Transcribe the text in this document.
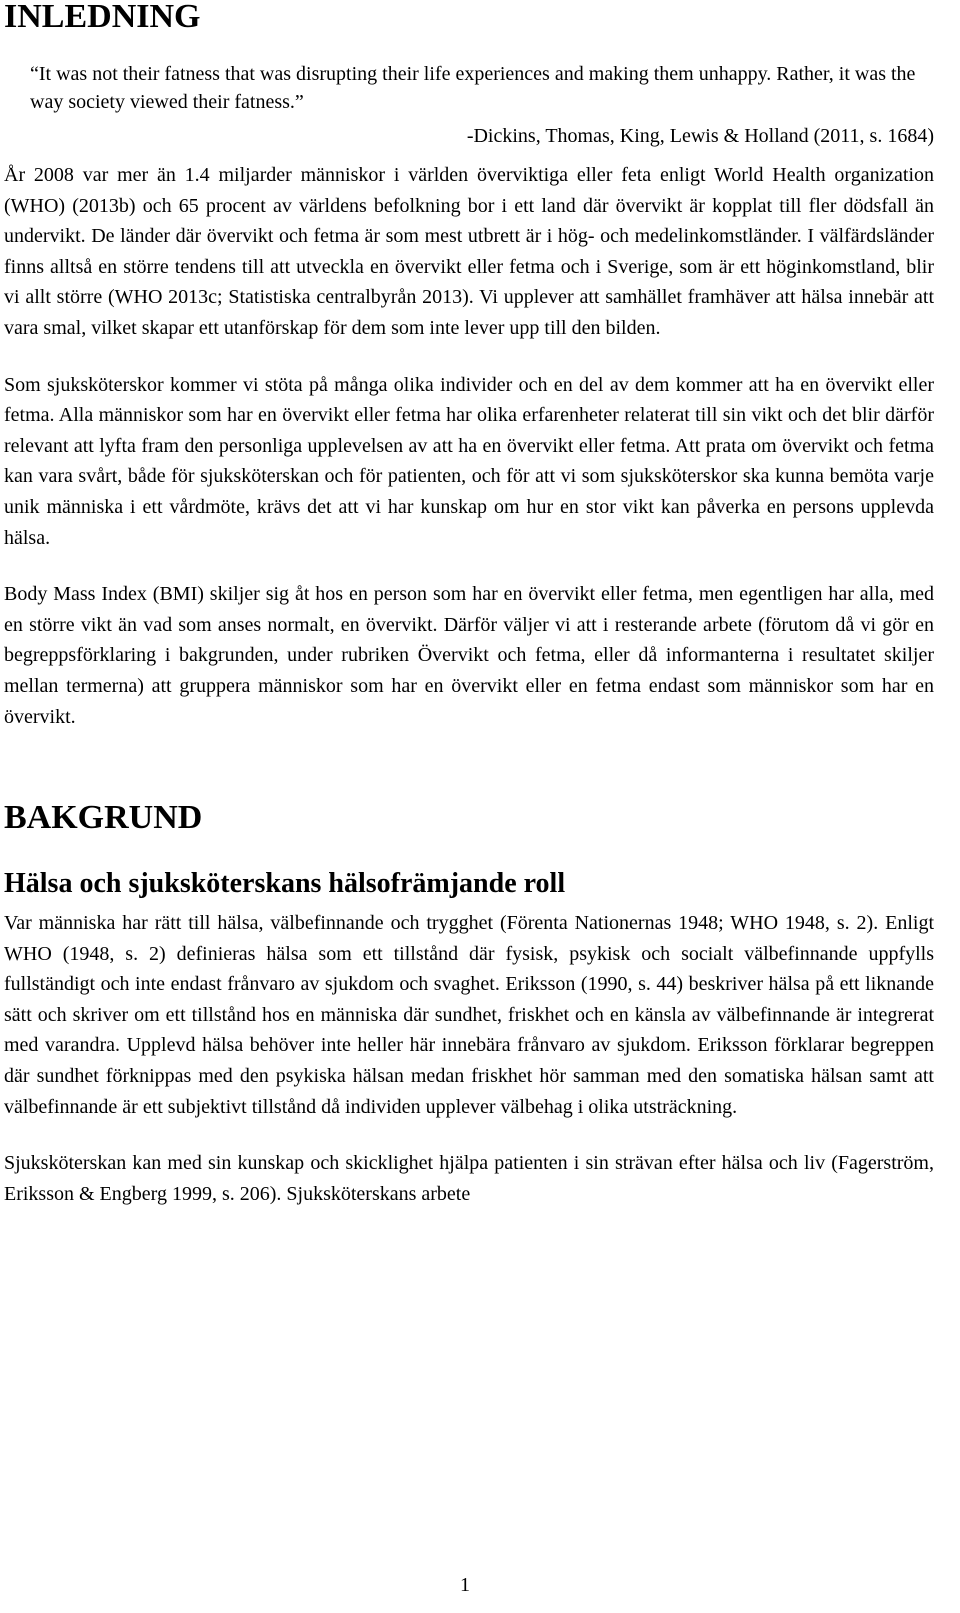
INLEDNING
“It was not their fatness that was disrupting their life experiences and making them unhappy. Rather, it was the way society viewed their fatness.”
-Dickins, Thomas, King, Lewis & Holland (2011, s. 1684)

År 2008 var mer än 1.4 miljarder människor i världen överviktiga eller feta enligt World Health organization (WHO) (2013b) och 65 procent av världens befolkning bor i ett land där övervikt är kopplat till fler dödsfall än undervikt. De länder där övervikt och fetma är som mest utbrett är i hög- och medelinkomstländer. I välfärdsländer finns alltså en större tendens till att utveckla en övervikt eller fetma och i Sverige, som är ett höginkomstland, blir vi allt större (WHO 2013c; Statistiska centralbyrån 2013). Vi upplever att samhället framhäver att hälsa innebär att vara smal, vilket skapar ett utanförskap för dem som inte lever upp till den bilden.

Som sjuksköterskor kommer vi stöta på många olika individer och en del av dem kommer att ha en övervikt eller fetma. Alla människor som har en övervikt eller fetma har olika erfarenheter relaterat till sin vikt och det blir därför relevant att lyfta fram den personliga upplevelsen av att ha en övervikt eller fetma. Att prata om övervikt och fetma kan vara svårt, både för sjuksköterskan och för patienten, och för att vi som sjuksköterskor ska kunna bemöta varje unik människa i ett vårdmöte, krävs det att vi har kunskap om hur en stor vikt kan påverka en persons upplevda hälsa.

Body Mass Index (BMI) skiljer sig åt hos en person som har en övervikt eller fetma, men egentligen har alla, med en större vikt än vad som anses normalt, en övervikt. Därför väljer vi att i resterande arbete (förutom då vi gör en begreppsförklaring i bakgrunden, under rubriken Övervikt och fetma, eller då informanterna i resultatet skiljer mellan termerna) att gruppera människor som har en övervikt eller en fetma endast som människor som har en övervikt.

BAKGRUND
Hälsa och sjuksköterskans hälsofrämjande roll

Var människa har rätt till hälsa, välbefinnande och trygghet (Förenta Nationernas 1948; WHO 1948, s. 2). Enligt WHO (1948, s. 2) definieras hälsa som ett tillstånd där fysisk, psykisk och socialt välbefinnande uppfylls fullständigt och inte endast frånvaro av sjukdom och svaghet. Eriksson (1990, s. 44) beskriver hälsa på ett liknande sätt och skriver om ett tillstånd hos en människa där sundhet, friskhet och en känsla av välbefinnande är integrerat med varandra. Upplevd hälsa behöver inte heller här innebära frånvaro av sjukdom. Eriksson förklarar begreppen där sundhet förknippas med den psykiska hälsan medan friskhet hör samman med den somatiska hälsan samt att välbefinnande är ett subjektivt tillstånd då individen upplever välbehag i olika utsträckning.

Sjuksköterskan kan med sin kunskap och skicklighet hjälpa patienten i sin strävan efter hälsa och liv (Fagerström, Eriksson & Engberg 1999, s. 206). Sjuksköterskans arbete

1
